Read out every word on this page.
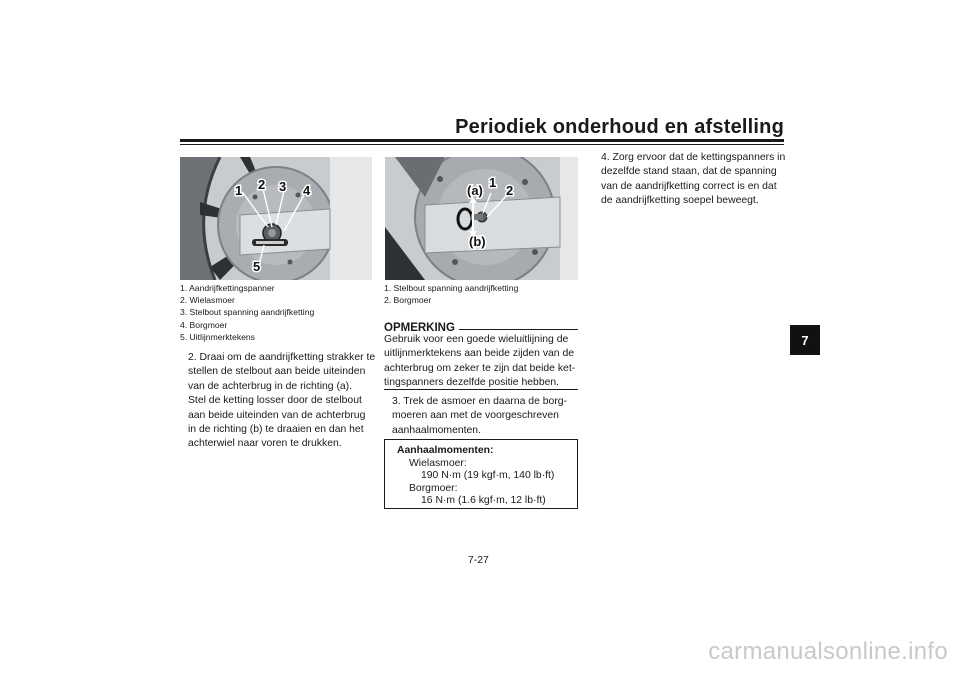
Periodiek onderhoud en afstelling
1 2 3 4
5
1. Aandrijfkettingspanner
2. Wielasmoer
3. Stelbout spanning aandrijfketting
4. Borgmoer
5. Uitlijnmerktekens
2. Draai om de aandrijfketting strakker te
stellen de stelbout aan beide uiteinden
van de achterbrug in de richting (a).
Stel de ketting losser door de stelbout
aan beide uiteinden van de achterbrug
in de richting (b) te draaien en dan het
achterwiel naar voren te drukken.
1
2
(a)
(b)
1. Stelbout spanning aandrijfketting
2. Borgmoer
OPMERKING
Gebruik voor een goede wieluitlijning de
uitlijnmerktekens aan beide zijden van de
achterbrug om zeker te zijn dat beide ket-
tingspanners dezelfde positie hebben.
3. Trek de asmoer en daarna de borg-
moeren aan met de voorgeschreven
aanhaalmomenten.
Aanhaalmomenten:
Wielasmoer:
190 N·m (19 kgf·m, 140 lb·ft)
Borgmoer:
16 N·m (1.6 kgf·m, 12 lb·ft)
4. Zorg ervoor dat de kettingspanners in
dezelfde stand staan, dat de spanning
van de aandrijfketting correct is en dat
de aandrijfketting soepel beweegt.
7
7-27
carmanualsonline.info
